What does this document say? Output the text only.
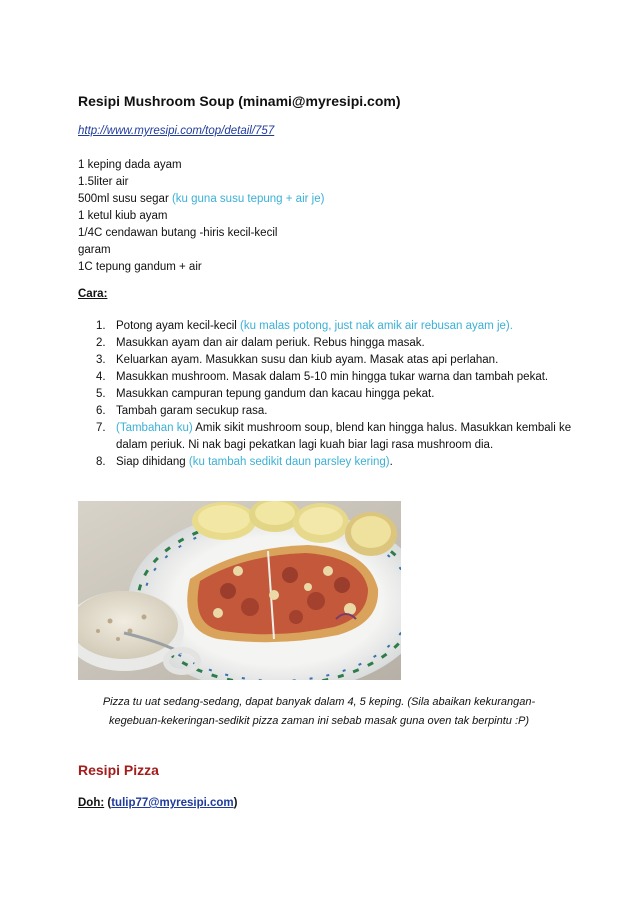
Resipi Mushroom Soup (minami@myresipi.com)
http://www.myresipi.com/top/detail/757
1 keping dada ayam
1.5liter air
500ml susu segar (ku guna susu tepung + air je)
1 ketul kiub ayam
1/4C cendawan butang -hiris kecil-kecil
garam
1C tepung gandum + air
Cara:
1. Potong ayam kecil-kecil (ku malas potong, just nak amik air rebusan ayam je).
2. Masukkan ayam dan air dalam periuk. Rebus hingga masak.
3. Keluarkan ayam. Masukkan susu dan kiub ayam. Masak atas api perlahan.
4. Masukkan mushroom. Masak dalam 5-10 min hingga tukar warna dan tambah pekat.
5. Masukkan campuran tepung gandum dan kacau hingga pekat.
6. Tambah garam secukup rasa.
7. (Tambahan ku) Amik sikit mushroom soup, blend kan hingga halus. Masukkan kembali ke dalam periuk. Ni nak bagi pekatkan lagi kuah biar lagi rasa mushroom dia.
8. Siap dihidang (ku tambah sedikit daun parsley kering).
Pizza tu uat sedang-sedang, dapat banyak dalam 4, 5 keping. (Sila abaikan kekurangan-kegebuan-kekeringan-sedikit pizza zaman ini sebab masak guna oven tak berpintu :P)
Resipi Pizza
Doh: (tulip77@myresipi.com)
